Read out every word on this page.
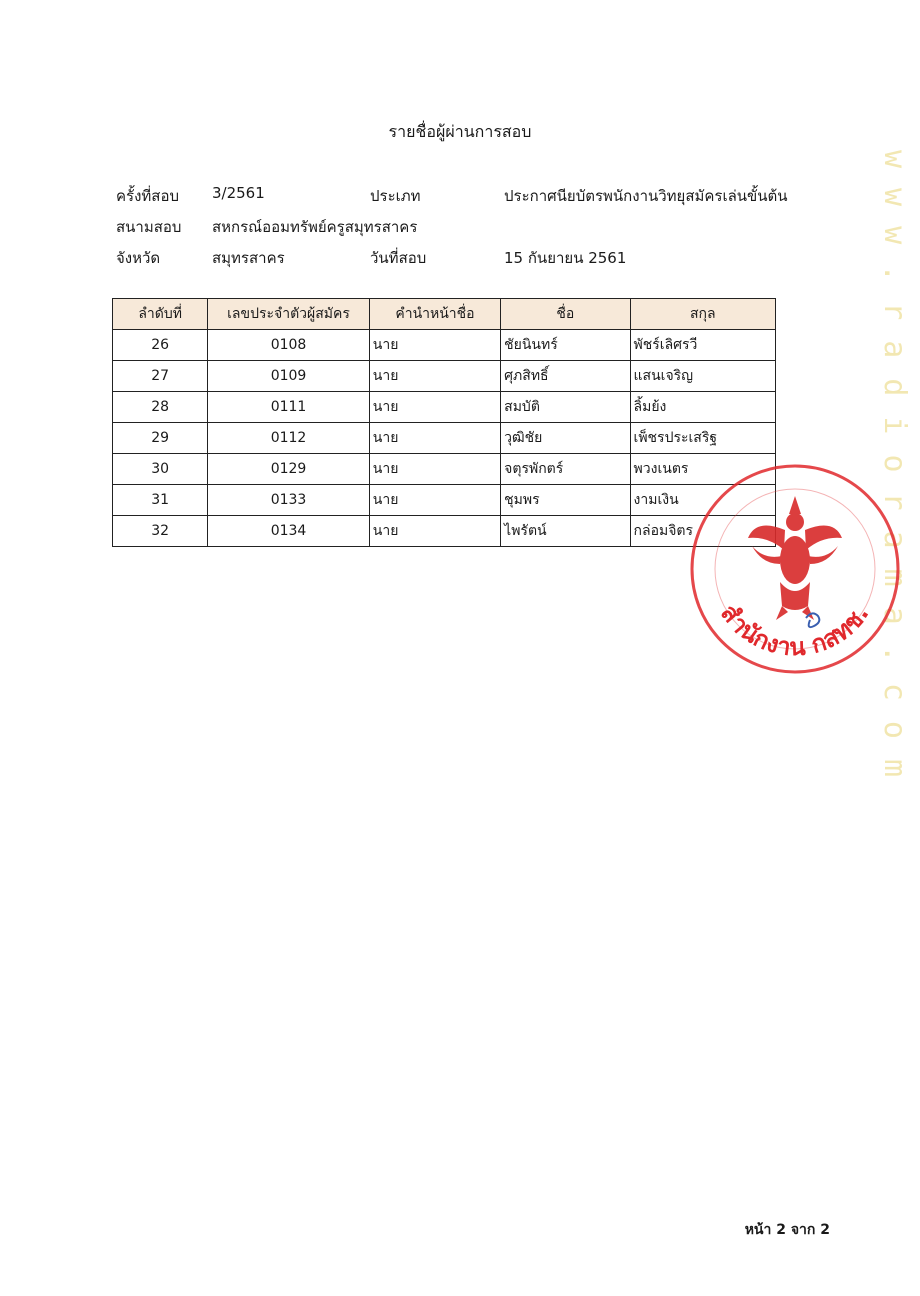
www.radiorama.com
รายชื่อผู้ผ่านการสอบ
ครั้งที่สอบ 3/2561	ประเภท	ประกาศนียบัตรพนักงานวิทยุสมัครเล่นขั้นต้น
สนามสอบ สหกรณ์ออมทรัพย์ครูสมุทรสาคร
จังหวัด	สมุทรสาคร	วันที่สอบ	15 กันยายน 2561
ลำดับที่	เลขประจำตัวผู้สมัคร	คำนำหน้าชื่อ	ชื่อ	สกุล
26	0108	นาย	ชัยนินทร์	พัชร์เลิศรวี
27	0109	นาย	ศุภสิทธิ์	แสนเจริญ
28	0111	นาย	สมบัติ	ลิ้มย้ง
29	0112	นาย	วุฒิชัย	เพ็ชรประเสริฐ
30	0129	นาย	จตุรพักตร์	พวงเนตร
31	0133	นาย	ชุมพร	งามเงิน
32	0134	นาย	ไพรัตน์	กล่อมจิตร
สำนักงาน กสทช.
หน้า 2 จาก 2
